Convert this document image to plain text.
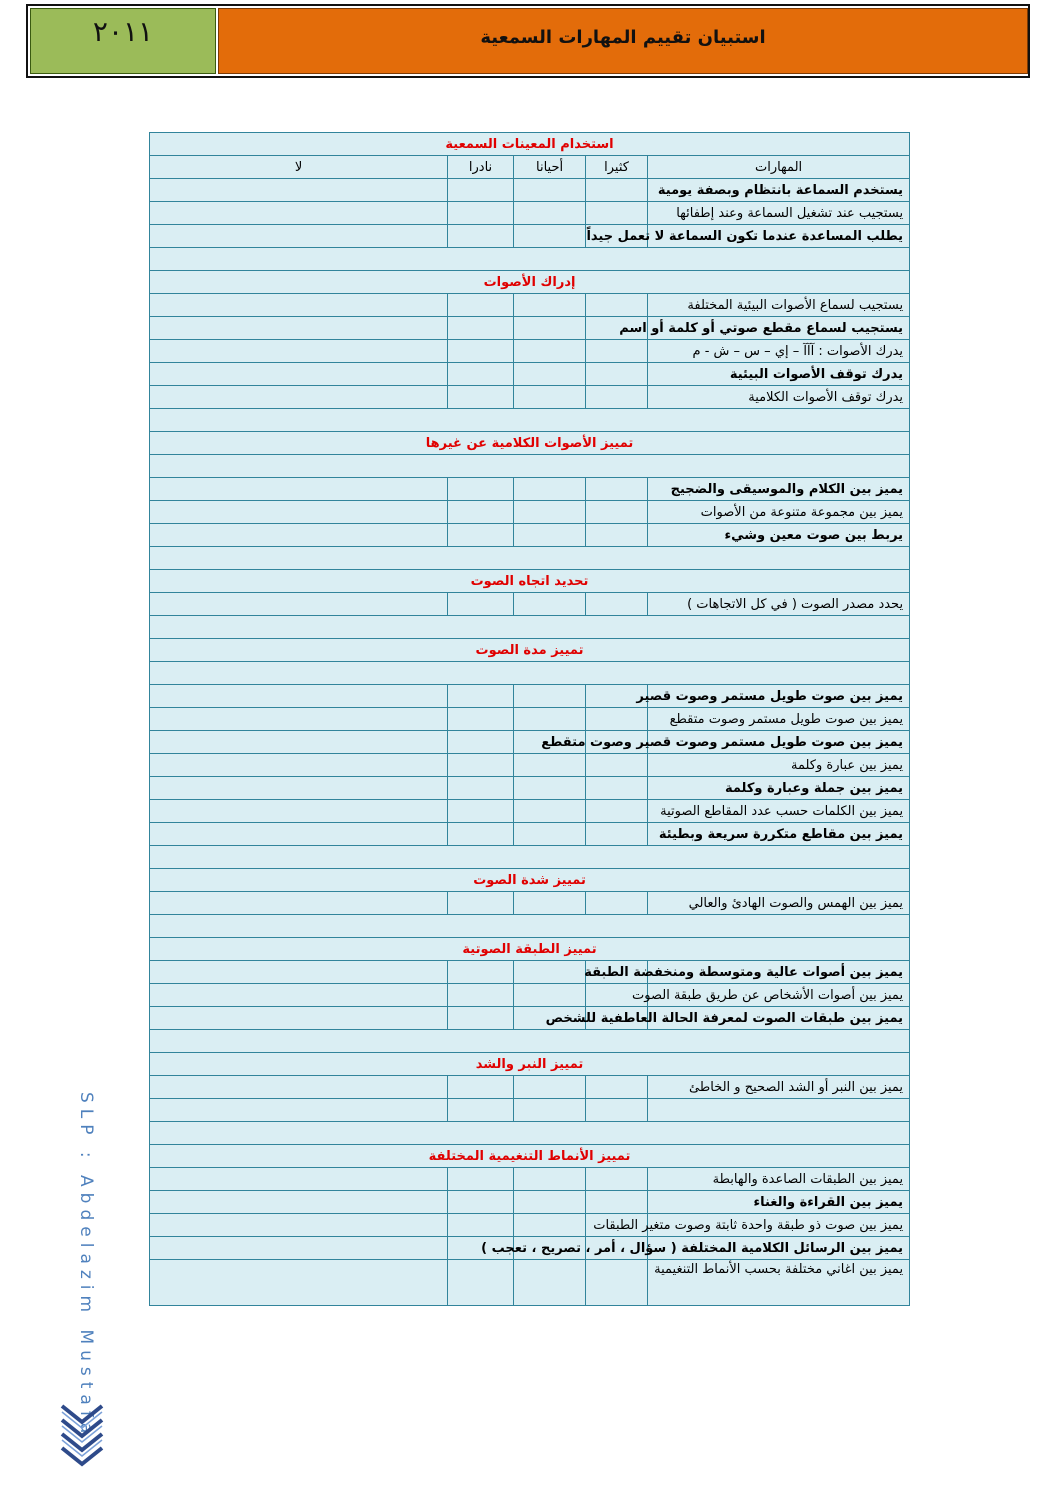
٢٠١١	استبيان تقييم المهارات السمعية
استخدام المعينات السمعية				
المهارات	كثيرا	أحيانا	نادرا	لا
يستخدم السماعة بانتظام وبصفة يومية				
يستجيب عند تشغيل السماعة وعند إطفائها				
يطلب المساعدة عندما تكون السماعة لا تعمل جيداً				

إدراك الأصوات				
يستجيب لسماع الأصوات البيئية المختلفة				
يستجيب لسماع مقطع صوتي أو كلمة أو اسم				
يدرك الأصوات : آآآ – إي – س – ش - م				
يدرك توقف الأصوات البيئية				
يدرك توقف الأصوات الكلامية				

تمييز الأصوات الكلامية عن غيرها				

يميز بين الكلام والموسيقى والضجيج				
يميز بين مجموعة متنوعة من الأصوات				
يربط بين صوت معين وشيء				

تحديد اتجاه الصوت				
يحدد مصدر الصوت ( في كل الاتجاهات )				

تمييز مدة الصوت				

يميز بين صوت طويل مستمر وصوت قصير				
يميز بين صوت طويل مستمر وصوت متقطع				
يميز بين صوت طويل مستمر وصوت قصير وصوت متقطع				
يميز بين عبارة وكلمة				
يميز بين جملة وعبارة وكلمة				
يميز بين الكلمات حسب عدد المقاطع الصوتية				
يميز بين مقاطع متكررة سريعة وبطيئة				

تمييز شدة الصوت				
يميز بين الهمس والصوت الهادئ والعالي				

تمييز الطبقة الصوتية				
يميز بين أصوات عالية ومتوسطة ومنخفضة الطبقة				
يميز بين أصوات الأشخاص عن طريق طبقة الصوت				
يميز بين طبقات الصوت لمعرفة الحالة العاطفية للشخص				

تمييز النبر والشد				
يميز بين النبر أو الشد الصحيح و الخاطئ				

تمييز الأنماط التنغيمية المختلفة				
يميز بين الطبقات الصاعدة والهابطة				
يميز بين القراءة والغناء				
يميز بين صوت ذو طبقة واحدة ثابتة وصوت متغير الطبقات				
يميز بين الرسائل الكلامية المختلفة ( سؤال ، أمر ، تصريح ، تعجب )				
يميز بين اغاني مختلفة بحسب الأنماط التنغيمية				
SLP : Abdelazim Mustafa
